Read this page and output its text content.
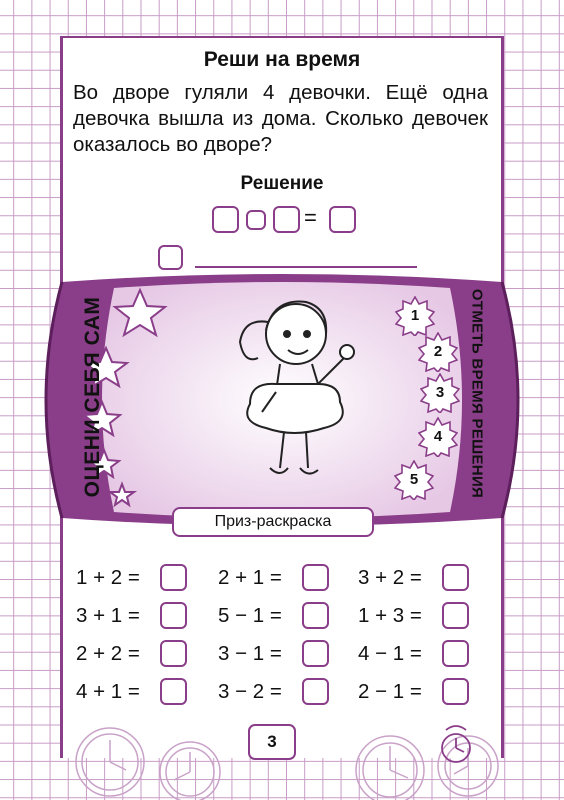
Реши на время
Во дворе гуляли 4 девочки. Ещё одна девочка вышла из дома. Сколько девочек оказалось во дворе?
Решение
=
ОЦЕНИ СЕБЯ САМ	ОТМЕТЬ ВРЕМЯ РЕШЕНИЯ
1
2
3
4
5
Приз-раскраска
1 + 2 =	2 + 1 =	3 + 2 =
3 + 1 =	5 − 1 =	1 + 3 =
2 + 2 =	3 − 1 =	4 − 1 =
4 + 1 =	3 − 2 =	2 − 1 =
3
